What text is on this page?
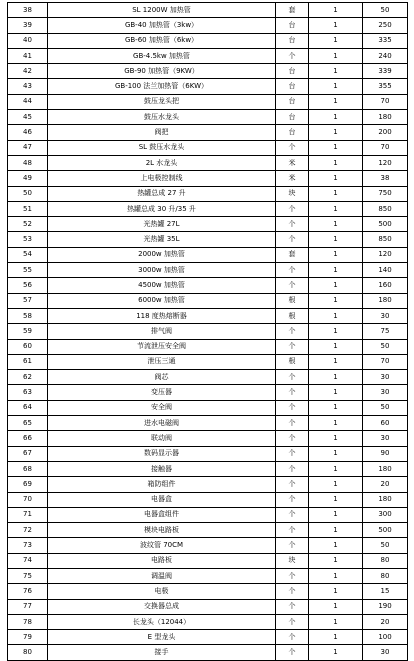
38	SL 1200W 加热管	套	1	50
39	GB-40 加热管（3kw）	台	1	250
40	GB-60 加热管（6kw）	台	1	335
41	GB-4.5kw 加热管	个	1	240
42	GB-90 加热管（9KW）	台	1	339
43	GB-100 法兰加热管（6KW）	台	1	355
44	鼓压龙头把	台	1	70
45	鼓压水龙头	台	1	180
46	阀把	台	1	200
47	SL 鼓压水龙头	个	1	70
48	2L 水龙头	米	1	120
49	上电极控制线	米	1	38
50	热罐总成 27 升	块	1	750
51	热罐总成 30 升/35 升	个	1	850
52	光热罐 27L	个	1	500
53	光热罐 35L	个	1	850
54	2000w 加热管	套	1	120
55	3000w 加热管	个	1	140
56	4500w 加热管	个	1	160
57	6000w 加热管	根	1	180
58	118 度热熔断器	根	1	30
59	排气阀	个	1	75
60	节流泄压安全阀	个	1	50
61	泄压三通	根	1	70
62	阀芯	个	1	30
63	变压器	个	1	30
64	安全阀	个	1	50
65	进水电磁阀	个	1	60
66	联动阀	个	1	30
67	数码显示器	个	1	90
68	接触器	个	1	180
69	箱防组件	个	1	20
70	电器盒	个	1	180
71	电器盒组件	个	1	300
72	模块电路板	个	1	500
73	波纹管 70CM	个	1	50
74	电路板	块	1	80
75	调温阀	个	1	80
76	电极	个	1	15
77	交换器总成	个	1	190
78	长龙头（12044）	个	1	20
79	E 型龙头	个	1	100
80	接手	个	1	30
